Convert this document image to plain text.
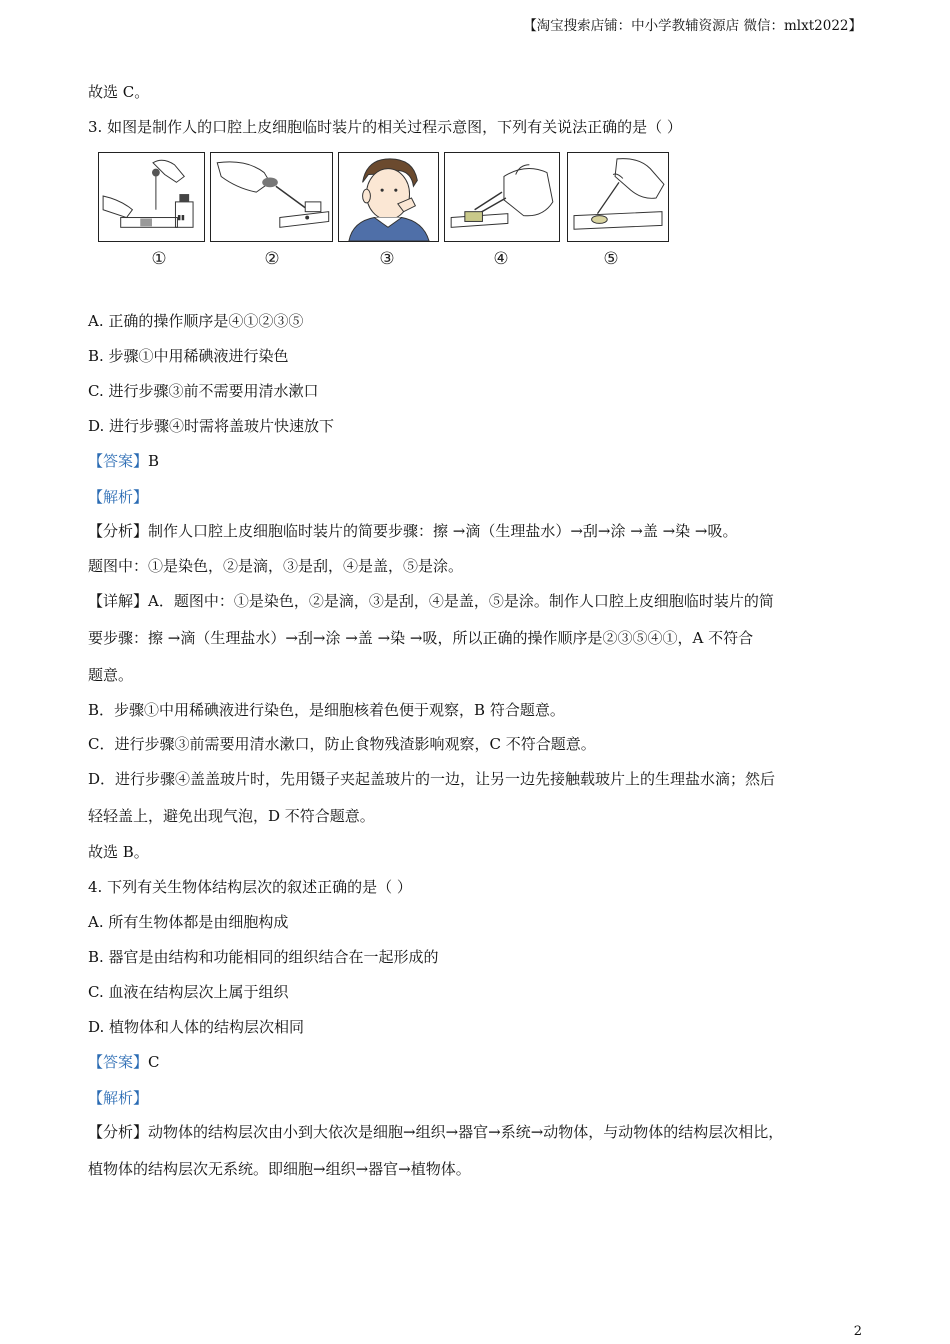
【淘宝搜索店铺：中小学教辅资源店 微信：mlxt2022】
故选 C。
3. 如图是制作人的口腔上皮细胞临时装片的相关过程示意图，下列有关说法正确的是（ ）
▮▮
①	②	③	④	⑤
A. 正确的操作顺序是④①②③⑤
B. 步骤①中用稀碘液进行染色
C. 进行步骤③前不需要用清水漱口
D. 进行步骤④时需将盖玻片快速放下
【答案】B
【解析】
【分析】制作人口腔上皮细胞临时装片的简要步骤：擦 →滴（生理盐水）→刮→涂 →盖 →染 →吸。
题图中：①是染色，②是滴，③是刮，④是盖，⑤是涂。
【详解】A．题图中：①是染色，②是滴，③是刮，④是盖，⑤是涂。制作人口腔上皮细胞临时装片的简
要步骤：擦 →滴（生理盐水）→刮→涂 →盖 →染 →吸，所以正确的操作顺序是②③⑤④①，A 不符合
题意。
B．步骤①中用稀碘液进行染色，是细胞核着色便于观察，B 符合题意。
C．进行步骤③前需要用清水漱口，防止食物残渣影响观察，C 不符合题意。
D．进行步骤④盖盖玻片时，先用镊子夹起盖玻片的一边，让另一边先接触载玻片上的生理盐水滴；然后
轻轻盖上，避免出现气泡，D 不符合题意。
故选 B。
4. 下列有关生物体结构层次的叙述正确的是（ ）
A. 所有生物体都是由细胞构成
B. 器官是由结构和功能相同的组织结合在一起形成的
C. 血液在结构层次上属于组织
D. 植物体和人体的结构层次相同
【答案】C
【解析】
【分析】动物体的结构层次由小到大依次是细胞→组织→器官→系统→动物体，与动物体的结构层次相比，
植物体的结构层次无系统。即细胞→组织→器官→植物体。
2
